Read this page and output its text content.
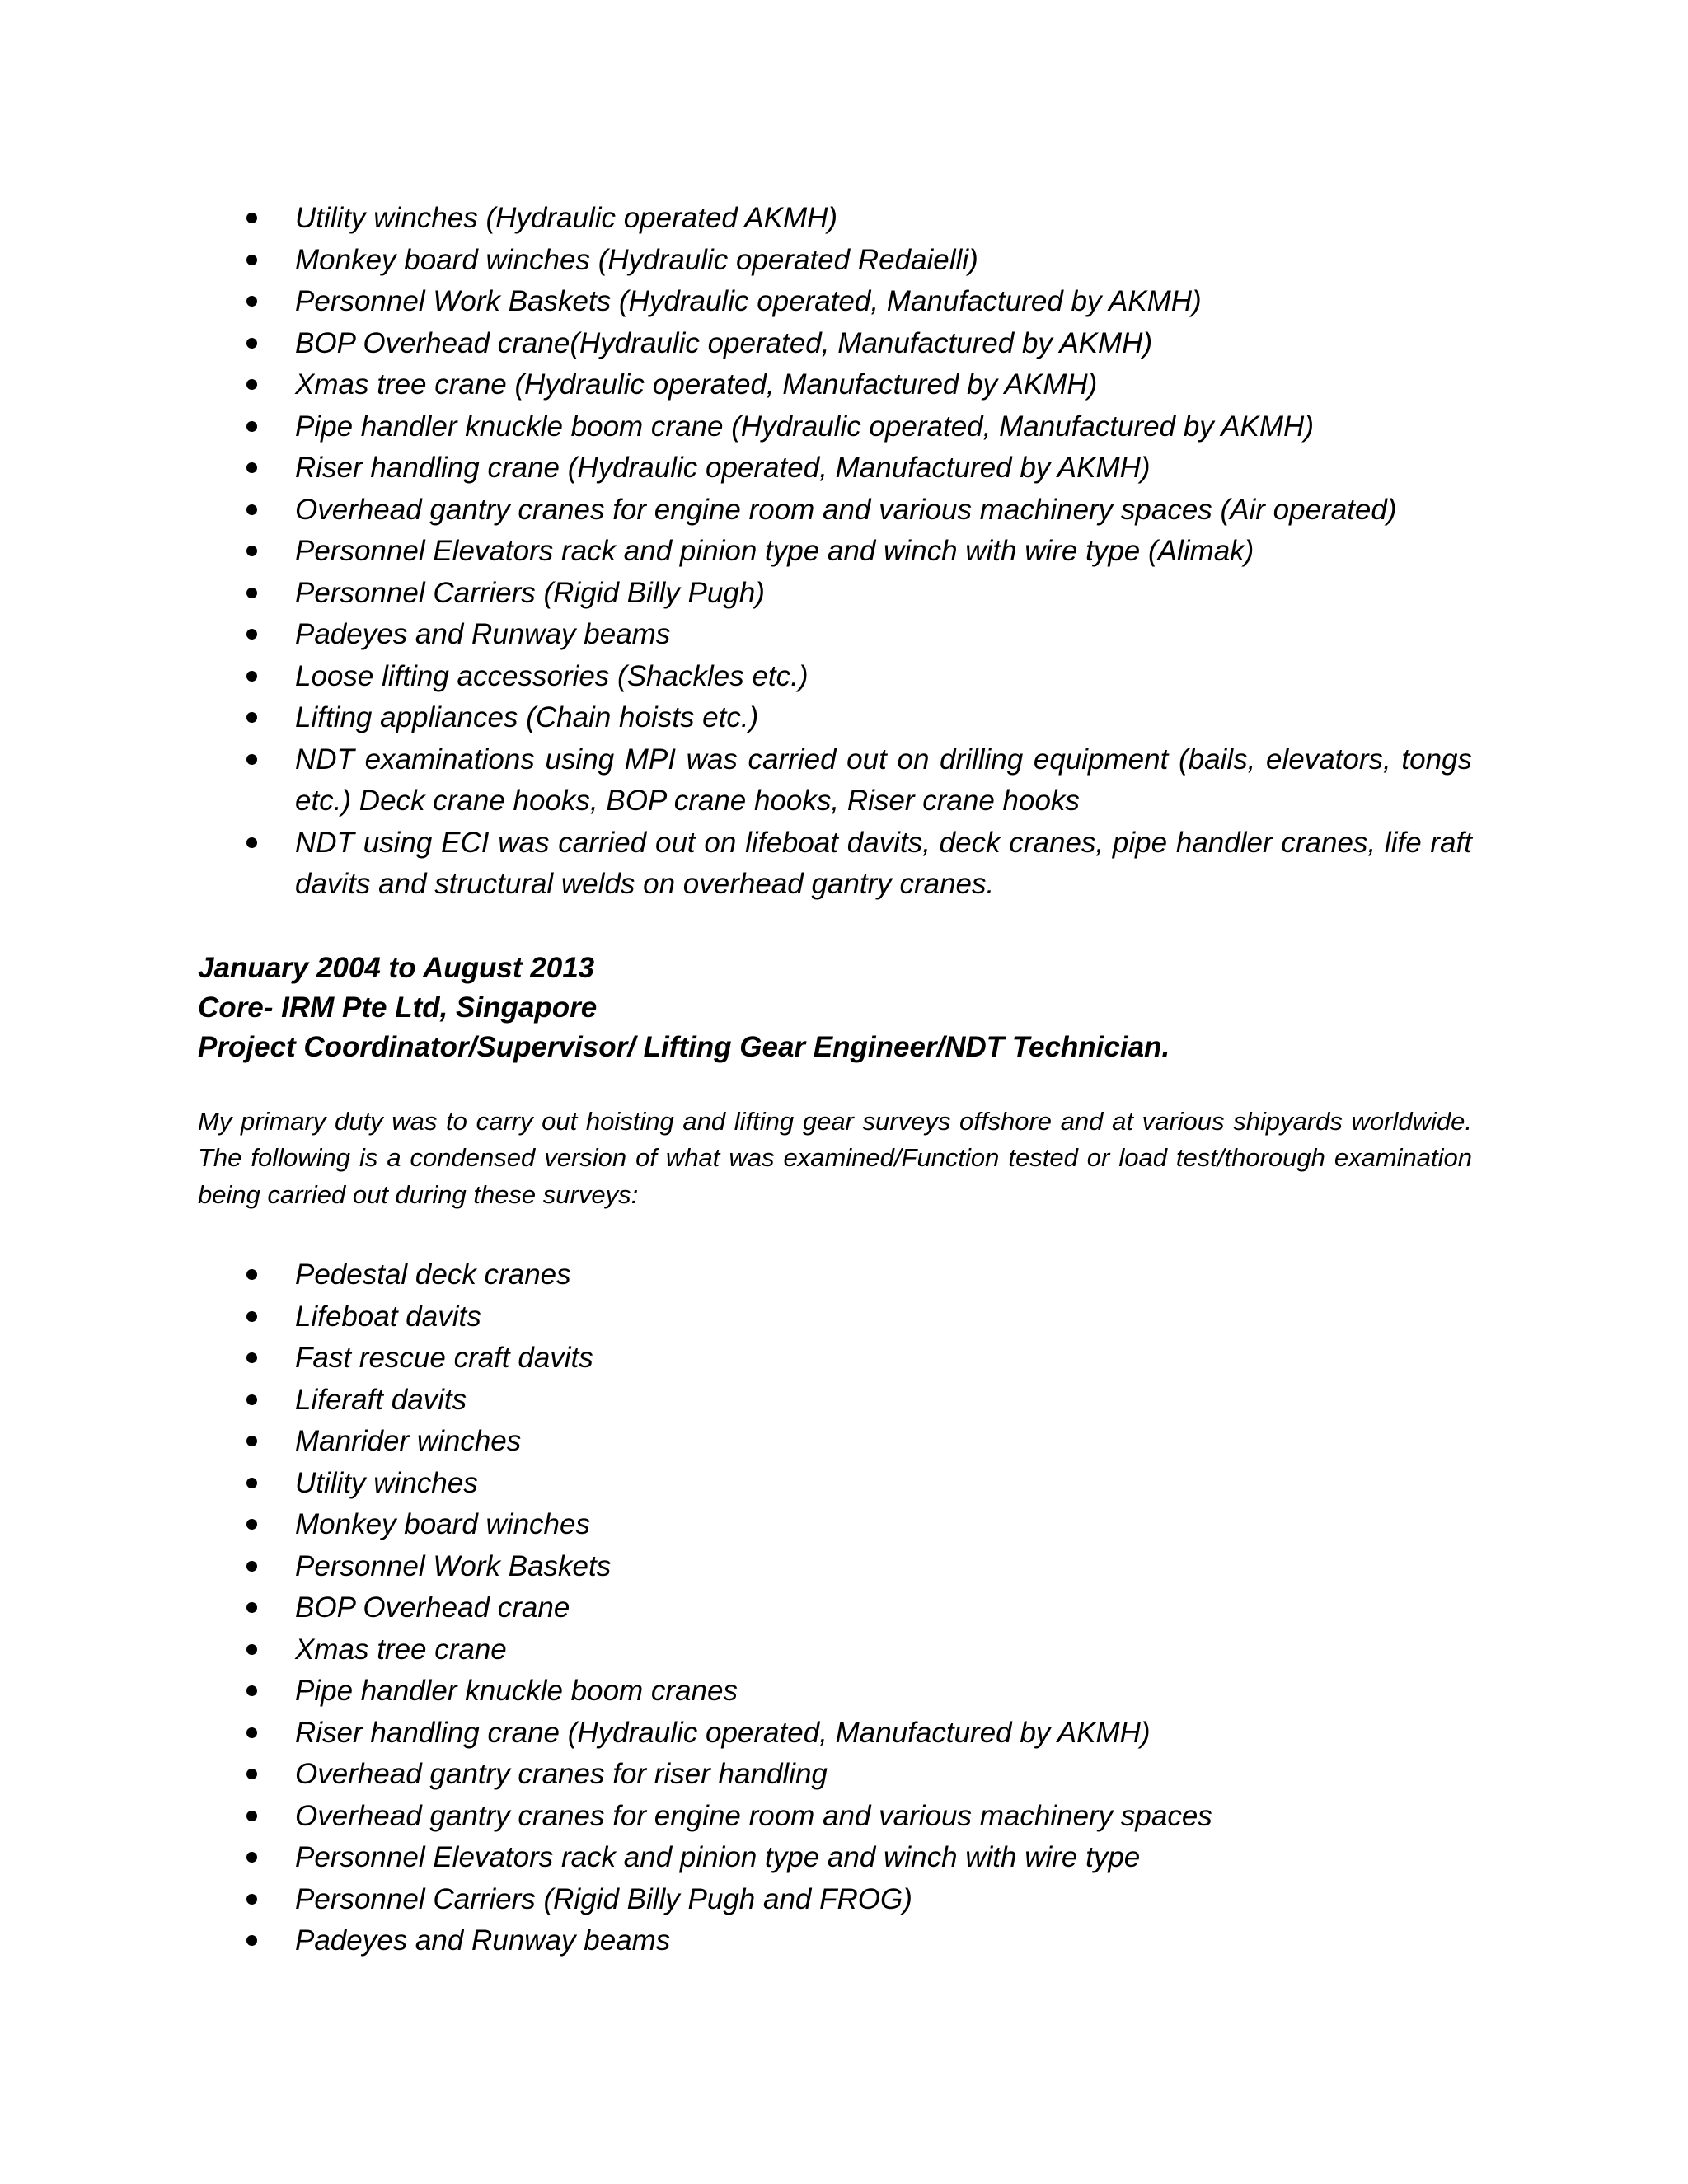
Utility winches (Hydraulic operated AKMH)
Monkey board winches (Hydraulic operated Redaielli)
Personnel Work Baskets (Hydraulic operated, Manufactured by AKMH)
BOP Overhead crane(Hydraulic operated, Manufactured by AKMH)
Xmas tree crane (Hydraulic operated, Manufactured by AKMH)
Pipe handler knuckle boom crane (Hydraulic operated, Manufactured by AKMH)
Riser handling crane (Hydraulic operated, Manufactured by AKMH)
Overhead gantry cranes for engine room and various machinery spaces (Air operated)
Personnel Elevators rack and pinion type and winch with wire type (Alimak)
Personnel Carriers (Rigid Billy Pugh)
Padeyes and Runway beams
Loose lifting accessories (Shackles etc.)
Lifting appliances (Chain hoists etc.)
NDT examinations using MPI was carried out on drilling equipment (bails, elevators, tongs etc.) Deck crane hooks, BOP crane hooks, Riser crane hooks
NDT using ECI was carried out on lifeboat davits, deck cranes, pipe handler cranes, life raft davits and structural welds on overhead gantry cranes.
January 2004 to August 2013
Core- IRM Pte Ltd, Singapore
Project Coordinator/Supervisor/ Lifting Gear Engineer/NDT Technician.

My primary duty was to carry out hoisting and lifting gear surveys offshore and at various shipyards worldwide. The following is a condensed version of what was examined/Function tested or load test/thorough examination being carried out during these surveys:

Pedestal deck cranes
Lifeboat davits
Fast rescue craft davits
Liferaft davits
Manrider winches
Utility winches
Monkey board winches
Personnel Work Baskets
BOP Overhead crane
Xmas tree crane
Pipe handler knuckle boom cranes
Riser handling crane (Hydraulic operated, Manufactured by AKMH)
Overhead gantry cranes for riser handling
Overhead gantry cranes for engine room and various machinery spaces
Personnel Elevators rack and pinion type and winch with wire type
Personnel Carriers (Rigid Billy Pugh and FROG)
Padeyes and Runway beams
